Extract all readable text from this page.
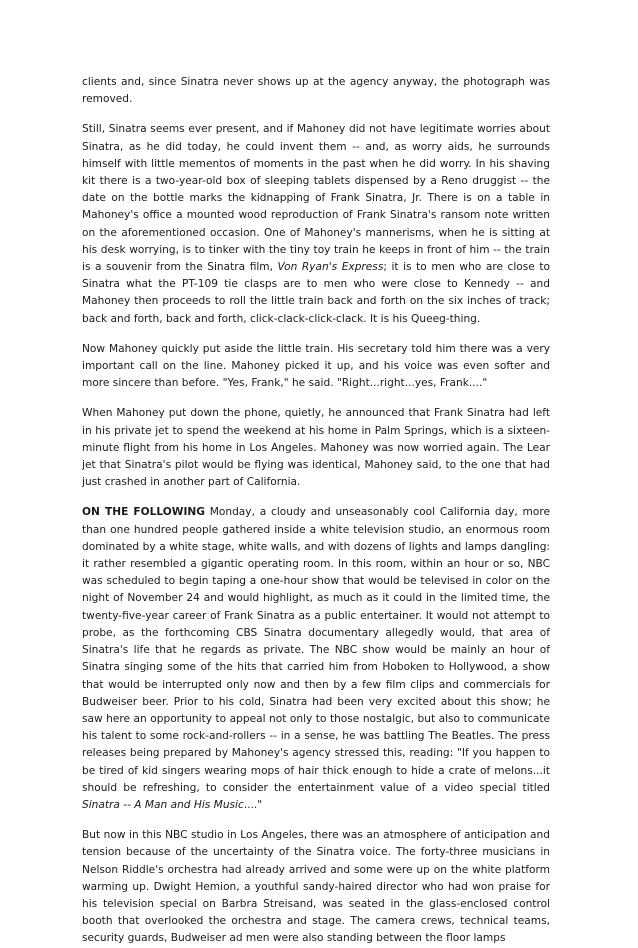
clients and, since Sinatra never shows up at the agency anyway, the photograph was removed.

Still, Sinatra seems ever present, and if Mahoney did not have legitimate worries about Sinatra, as he did today, he could invent them -- and, as worry aids, he surrounds himself with little mementos of moments in the past when he did worry. In his shaving kit there is a two-year-old box of sleeping tablets dispensed by a Reno druggist -- the date on the bottle marks the kidnapping of Frank Sinatra, Jr. There is on a table in Mahoney's office a mounted wood reproduction of Frank Sinatra's ransom note written on the aforementioned occasion. One of Mahoney's mannerisms, when he is sitting at his desk worrying, is to tinker with the tiny toy train he keeps in front of him -- the train is a souvenir from the Sinatra film, Von Ryan's Express; it is to men who are close to Sinatra what the PT-109 tie clasps are to men who were close to Kennedy -- and Mahoney then proceeds to roll the little train back and forth on the six inches of track; back and forth, back and forth, click-clack-click-clack. It is his Queeg-thing.

Now Mahoney quickly put aside the little train. His secretary told him there was a very important call on the line. Mahoney picked it up, and his voice was even softer and more sincere than before. "Yes, Frank," he said. "Right...right...yes, Frank...."

When Mahoney put down the phone, quietly, he announced that Frank Sinatra had left in his private jet to spend the weekend at his home in Palm Springs, which is a sixteen-minute flight from his home in Los Angeles. Mahoney was now worried again. The Lear jet that Sinatra's pilot would be flying was identical, Mahoney said, to the one that had just crashed in another part of California.

ON THE FOLLOWING Monday, a cloudy and unseasonably cool California day, more than one hundred people gathered inside a white television studio, an enormous room dominated by a white stage, white walls, and with dozens of lights and lamps dangling: it rather resembled a gigantic operating room. In this room, within an hour or so, NBC was scheduled to begin taping a one-hour show that would be televised in color on the night of November 24 and would highlight, as much as it could in the limited time, the twenty-five-year career of Frank Sinatra as a public entertainer. It would not attempt to probe, as the forthcoming CBS Sinatra documentary allegedly would, that area of Sinatra's life that he regards as private. The NBC show would be mainly an hour of Sinatra singing some of the hits that carried him from Hoboken to Hollywood, a show that would be interrupted only now and then by a few film clips and commercials for Budweiser beer. Prior to his cold, Sinatra had been very excited about this show; he saw here an opportunity to appeal not only to those nostalgic, but also to communicate his talent to some rock-and-rollers -- in a sense, he was battling The Beatles. The press releases being prepared by Mahoney's agency stressed this, reading: "If you happen to be tired of kid singers wearing mops of hair thick enough to hide a crate of melons...it should be refreshing, to consider the entertainment value of a video special titled Sinatra -- A Man and His Music...."

But now in this NBC studio in Los Angeles, there was an atmosphere of anticipation and tension because of the uncertainty of the Sinatra voice. The forty-three musicians in Nelson Riddle's orchestra had already arrived and some were up on the white platform warming up. Dwight Hemion, a youthful sandy-haired director who had won praise for his television special on Barbra Streisand, was seated in the glass-enclosed control booth that overlooked the orchestra and stage. The camera crews, technical teams, security guards, Budweiser ad men were also standing between the floor lamps
